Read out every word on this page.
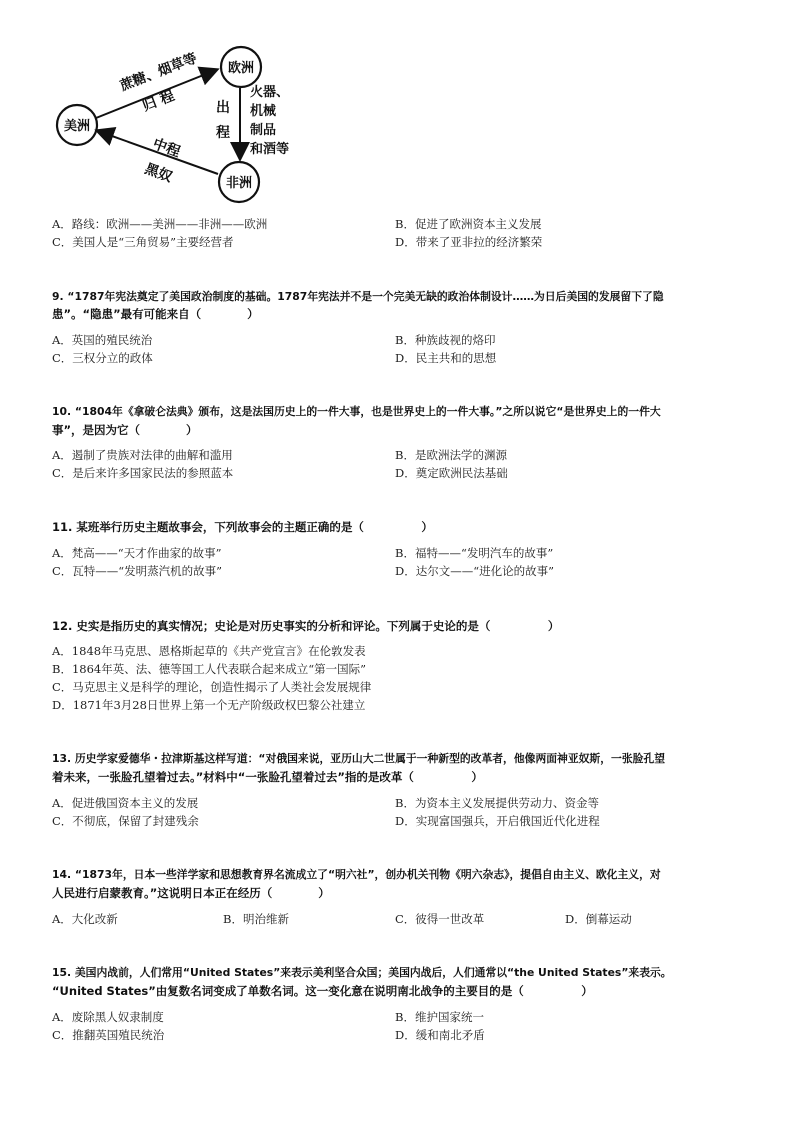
欧洲
美洲
非洲
蔗糖、烟草等
归 程	出
程
火器、
机械
制品
和酒等
中程
黑奴
A．路线：欧洲——美洲——非洲——欧洲	B．促进了欧洲资本主义发展
C．美国人是“三角贸易”主要经营者	D．带来了亚非拉的经济繁荣
9. “1787年宪法奠定了美国政治制度的基础。1787年宪法并不是一个完美无缺的政治体制设计……为日后美国的发展留下了隐
患”。“隐患”最有可能来自（　　　　）
A．英国的殖民统治	B．种族歧视的烙印
C．三权分立的政体	D．民主共和的思想
10. “1804年《拿破仑法典》颁布，这是法国历史上的一件大事，也是世界史上的一件大事。”之所以说它“是世界史上的一件大
事”，是因为它（　　　　）
A．遏制了贵族对法律的曲解和滥用	B．是欧洲法学的渊源
C．是后来许多国家民法的参照蓝本	D．奠定欧洲民法基础
11. 某班举行历史主题故事会，下列故事会的主题正确的是（　　　　　）
A．梵高——“天才作曲家的故事”	B．福特——“发明汽车的故事”
C．瓦特——“发明蒸汽机的故事”	D．达尔文——“进化论的故事”
12. 史实是指历史的真实情况；史论是对历史事实的分析和评论。下列属于史论的是（　　　　　）
A．1848年马克思、恩格斯起草的《共产党宣言》在伦敦发表
B．1864年英、法、德等国工人代表联合起来成立“第一国际”
C．马克思主义是科学的理论，创造性揭示了人类社会发展规律
D．1871年3月28日世界上第一个无产阶级政权巴黎公社建立
13. 历史学家爱德华・拉津斯基这样写道：“对俄国来说，亚历山大二世属于一种新型的改革者，他像两面神亚奴斯，一张脸孔望
着未来，一张脸孔望着过去。”材料中“一张脸孔望着过去”指的是改革（　　　　　）
A．促进俄国资本主义的发展	B．为资本主义发展提供劳动力、资金等
C．不彻底，保留了封建残余	D．实现富国强兵，开启俄国近代化进程
14. “1873年，日本一些洋学家和思想教育界名流成立了“明六社”，创办机关刊物《明六杂志》，提倡自由主义、欧化主义，对
人民进行启蒙教育。”这说明日本正在经历（　　　　）
A．大化改新	B．明治维新	C．彼得一世改革	D．倒幕运动
15. 美国内战前，人们常用“United States”来表示美利坚合众国；美国内战后，人们通常以“the United States”来表示。
“United States”由复数名词变成了单数名词。这一变化意在说明南北战争的主要目的是（　　　　　）
A．废除黑人奴隶制度	B．维护国家统一
C．推翻英国殖民统治	D．缓和南北矛盾
